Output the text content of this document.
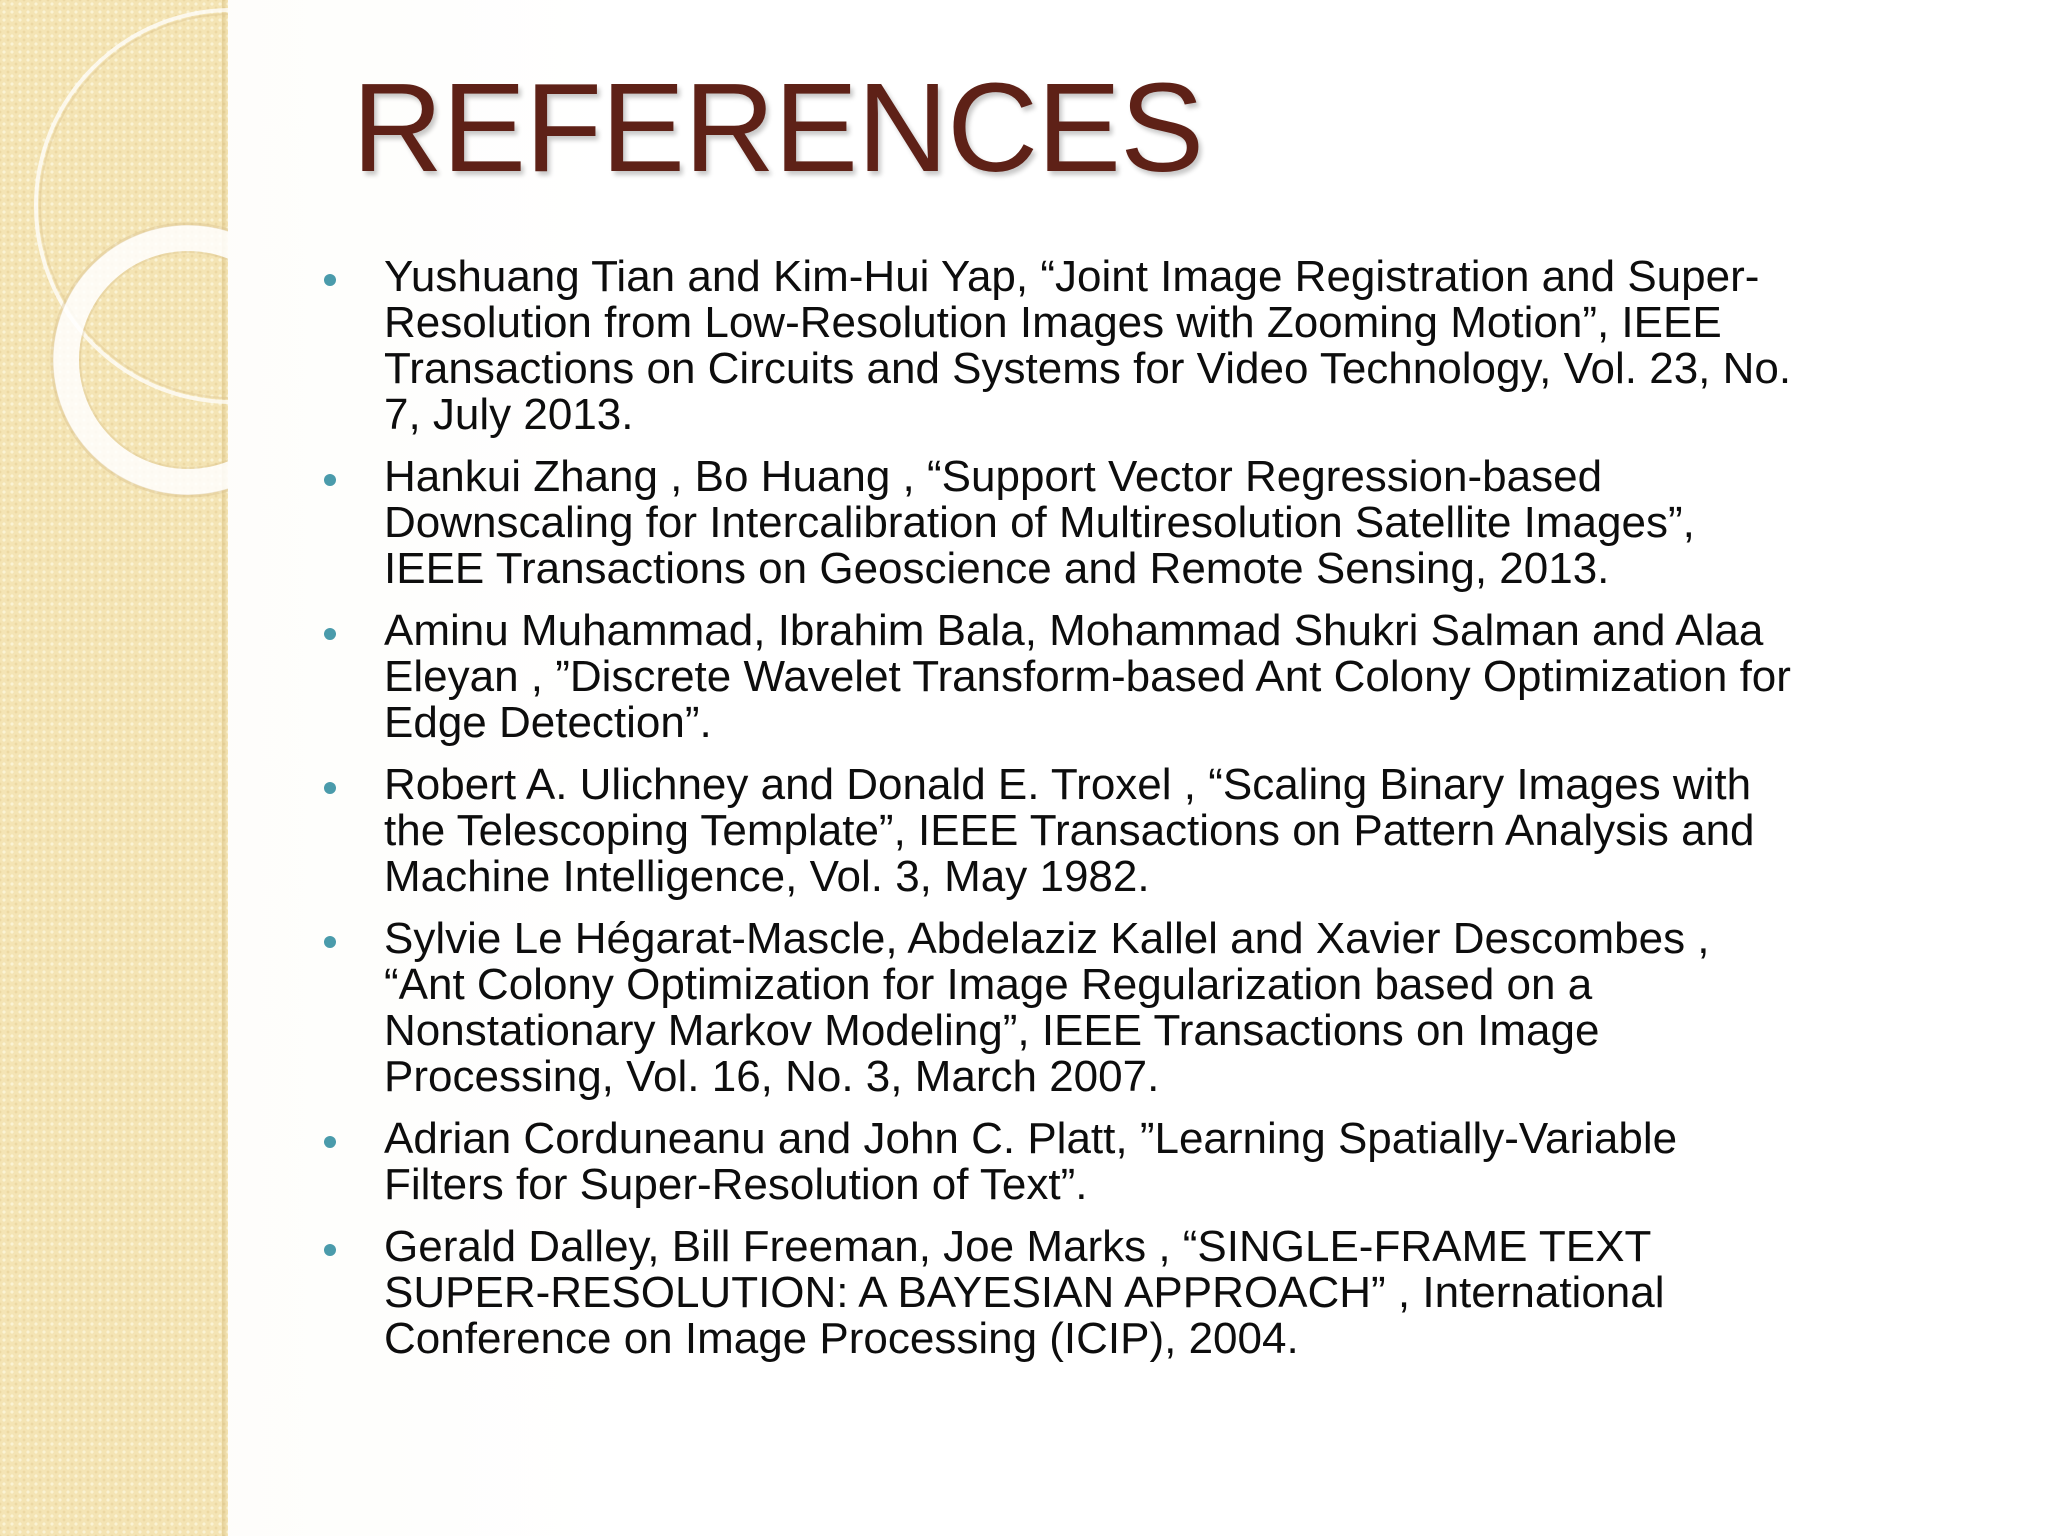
REFERENCES
Yushuang Tian and Kim-Hui Yap, “Joint Image Registration and Super-
Resolution from Low-Resolution Images with Zooming Motion”, IEEE
Transactions on Circuits and Systems for Video Technology, Vol. 23, No.
7, July 2013.
Hankui Zhang , Bo Huang , “Support Vector Regression-based
Downscaling for Intercalibration of Multiresolution Satellite Images”,
IEEE Transactions on Geoscience and Remote Sensing, 2013.
Aminu Muhammad, Ibrahim Bala, Mohammad Shukri Salman and Alaa
Eleyan , ”Discrete Wavelet Transform-based Ant Colony Optimization for
Edge Detection”.
Robert A. Ulichney and Donald E. Troxel , “Scaling Binary Images with
the Telescoping Template”, IEEE Transactions on Pattern Analysis and
Machine Intelligence, Vol. 3, May 1982.
Sylvie Le Hégarat-Mascle, Abdelaziz Kallel and Xavier Descombes ,
“Ant Colony Optimization for Image Regularization based on a
Nonstationary Markov Modeling”, IEEE Transactions on Image
Processing, Vol. 16, No. 3, March 2007.
Adrian Corduneanu and John C. Platt, ”Learning Spatially-Variable
Filters for Super-Resolution of Text”.
Gerald Dalley, Bill Freeman, Joe Marks , “SINGLE-FRAME TEXT
SUPER-RESOLUTION: A BAYESIAN APPROACH” , International
Conference on Image Processing (ICIP), 2004.
